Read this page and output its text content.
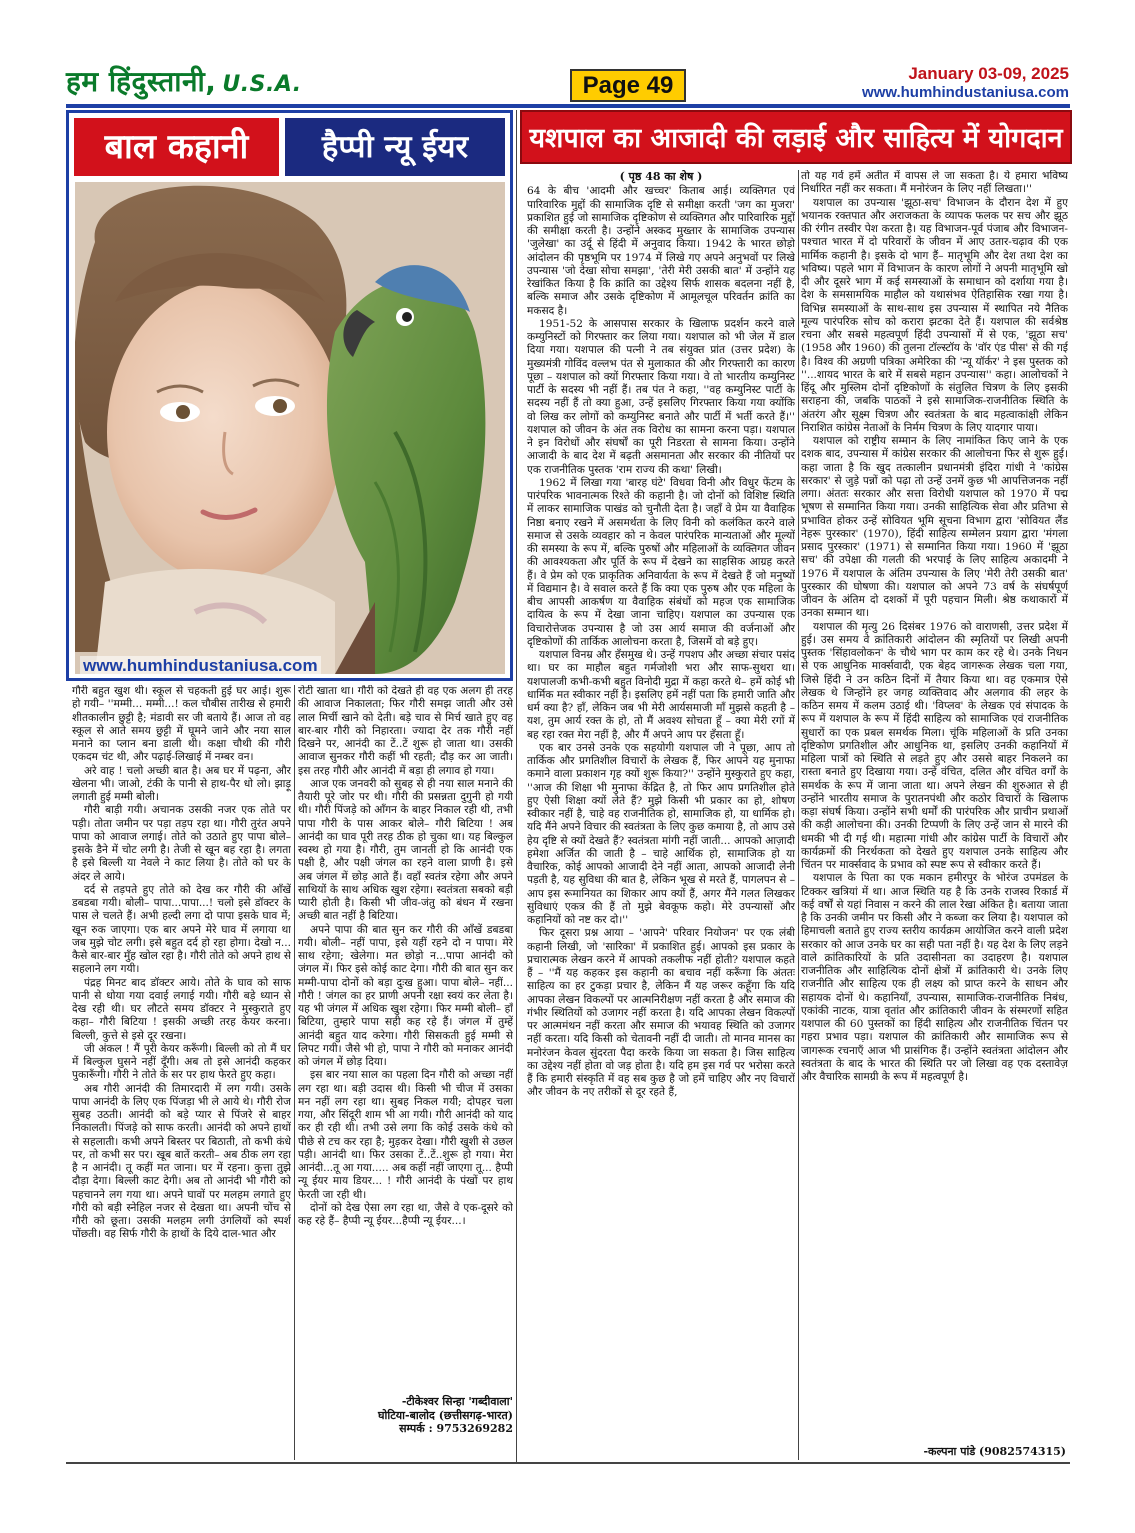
हम हिंदुस्तानी, U.S.A.	Page 49	January 03-09, 2025
www.humhindustaniusa.com
बाल कहानी	हैप्पी न्यू ईयर
www.humhindustaniusa.com

गौरी बहुत खुश थी। स्कूल से चहकती हुई घर आई। शुरू हो गयी– ''मम्मी... मम्मी...! कल चौबीस तारीख से हमारी शीतकालीन छुट्टी है; मंडावी सर जी बताये हैं। आज तो वह स्कूल से आते समय छुट्टी में घूमने जाने और नया साल मनाने का प्लान बना डाली थी। कक्षा चौथी की गौरी एकदम चंट थी, और पढ़ाई-लिखाई में नम्बर वन।

अरे वाह ! चलो अच्छी बात है। अब घर में पढ़ना, और खेलना भी। जाओ, टंकी के पानी से हाथ-पैर धो लो। झाड़ू लगाती हुई मम्मी बोली।

गौरी बाड़ी गयी। अचानक उसकी नजर एक तोते पर पड़ी। तोता जमीन पर पड़ा तड़प रहा था। गौरी तुरंत अपने पापा को आवाज लगाई। तोते को उठाते हुए पापा बोले– इसके डैने में चोट लगी है। तेजी से खून बह रहा है। लगता है इसे बिल्ली या नेवले ने काट लिया है। तोते को घर के अंदर ले आये।

दर्द से तड़पते हुए तोते को देख कर गौरी की आँखें डबडबा गयी। बोली– पापा...पापा...! चलो इसे डॉक्टर के पास ले चलते हैं। अभी हल्दी लगा दो पापा इसके घाव में; खून रुक जाएगा। एक बार अपने मेरे घाव में लगाया था जब मुझे चोट लगी। इसे बहुत दर्द हो रहा होगा। देखो न... कैसे बार-बार मुँह खोल रहा है। गौरी तोते को अपने हाथ से सहलाने लग गयी।

पंद्रह मिनट बाद डॉक्टर आये। तोते के घाव को साफ पानी से धोया गया दवाई लगाई गयी। गौरी बड़े ध्यान से देख रही थी। घर लौटते समय डॉक्टर ने मुस्कुराते हुए कहा– गौरी बिटिया ! इसकी अच्छी तरह केयर करना। बिल्ली, कुत्ते से इसे दूर रखना।

जी अंकल ! मैं पूरी केयर करूँगी। बिल्ली को तो मैं घर में बिल्कुल घुसने नहीं दूँगी। अब तो इसे आनंदी कहकर पुकारूँगी। गौरी ने तोते के सर पर हाथ फेरते हुए कहा।

अब गौरी आनंदी की तिमारदारी में लग गयी। उसके पापा आनंदी के लिए एक पिंजड़ा भी ले आये थे। गौरी रोज सुबह उठती। आनंदी को बड़े प्यार से पिंजरे से बाहर निकालती। पिंजड़े को साफ करती। आनंदी को अपने हाथों से सहलाती। कभी अपने बिस्तर पर बिठाती, तो कभी कंधे पर, तो कभी सर पर। खूब बातें करती– अब ठीक लग रहा है न आनंदी। तू कहीं मत जाना। घर में रहना। कुत्ता तुझे दौड़ा देगा। बिल्ली काट देगी। अब तो आनंदी भी गौरी को पहचानने लग गया था। अपने घावों पर मलहम लगाते हुए गौरी को बड़ी स्नेहिल नजर से देखता था। अपनी चोंच से गौरी को छूता। उसकी मलहम लगी उंगलियों को स्पर्श पोंछती। वह सिर्फ गौरी के हाथों के दिये दाल-भात और

रोटी खाता था। गौरी को देखते ही वह एक अलग ही तरह की आवाज निकालता; फिर गौरी समझ जाती और उसे लाल मिर्ची खाने को देती। बड़े चाव से मिर्च खाते हुए वह बार-बार गौरी को निहारता। ज्यादा देर तक गौरी नहीं दिखने पर, आनंदी का टें..टें शुरू हो जाता था। उसकी आवाज सुनकर गौरी कहीं भी रहती; दौड़ कर आ जाती। इस तरह गौरी और आनंदी में बड़ा ही लगाव हो गया।

आज एक जनवरी को सुबह से ही नया साल मनाने की तैयारी पूरे जोर पर थी। गौरी की प्रसन्नता दुगुनी हो गयी थी। गौरी पिंजड़े को आँगन के बाहर निकाल रही थी, तभी पापा गौरी के पास आकर बोले– गौरी बिटिया ! अब आनंदी का घाव पूरी तरह ठीक हो चुका था। यह बिल्कुल स्वस्थ हो गया है। गौरी, तुम जानती हो कि आनंदी एक पक्षी है, और पक्षी जंगल का रहने वाला प्राणी है। इसे अब जंगल में छोड़ आते हैं। वहाँ स्वतंत्र रहेगा और अपने साथियों के साथ अधिक खुश रहेगा। स्वतंत्रता सबको बड़ी प्यारी होती है। किसी भी जीव-जंतु को बंधन में रखना अच्छी बात नहीं है बिटिया।

अपने पापा की बात सुन कर गौरी की आँखें डबडबा गयी। बोली– नहीं पापा, इसे यहीं रहने दो न पापा। मेरे साथ रहेगा; खेलेगा। मत छोड़ो न...पापा आनंदी को जंगल में। फिर इसे कोई काट देगा। गौरी की बात सुन कर मम्मी-पापा दोनों को बड़ा दुःख हुआ। पापा बोले– नहीं... गौरी ! जंगल का हर प्राणी अपनी रक्षा स्वयं कर लेता है। यह भी जंगल में अधिक खुश रहेगा। फिर मम्मी बोली– हाँ बिटिया, तुम्हारे पापा सही कह रहे हैं। जंगल में तुम्हें आनंदी बहुत याद करेगा। गौरी सिसकती हुई मम्मी से लिपट गयी। जैसे भी हो, पापा ने गौरी को मनाकर आनंदी को जंगल में छोड़ दिया।

इस बार नया साल का पहला दिन गौरी को अच्छा नहीं लग रहा था। बड़ी उदास थी। किसी भी चीज में उसका मन नहीं लग रहा था। सुबह निकल गयी; दोपहर चला गया, और सिंदूरी शाम भी आ गयी। गौरी आनंदी को याद कर ही रही थी। तभी उसे लगा कि कोई उसके कंधे को पीछे से टच कर रहा है; मुड़कर देखा। गौरी खुशी से उछल पड़ी। आनंदी था। फिर उसका टें..टें..शुरू हो गया। मेरा आनंदी...तू आ गया..... अब कहीं नहीं जाएगा तू... हैप्पी न्यू ईयर माय डियर... ! गौरी आनंदी के पंखों पर हाथ फेरती जा रही थी।

दोनों को देख ऐसा लग रहा था, जैसे वे एक-दूसरे को कह रहे हैं– हैप्पी न्यू ईयर...हैप्पी न्यू ईयर...।

-टीकेश्वर सिन्हा 'गब्दीवाला'
घोटिया-बालोद (छत्तीसगढ़-भारत)
सम्पर्क : 9753269282
यशपाल का आजादी की लड़ाई और साहित्य में योगदान
( पृष्ठ 48 का शेष )

64 के बीच 'आदमी और खच्चर' किताब आई। व्यक्तिगत एवं पारिवारिक मुद्दों की सामाजिक दृष्टि से समीक्षा करती 'जग का मुजरा' प्रकाशित हुई जो सामाजिक दृष्टिकोण से व्यक्तिगत और पारिवारिक मुद्दों की समीक्षा करती है। उन्होंने अस्कद मुख्तार के सामाजिक उपन्यास 'जुलेखा' का उर्दू से हिंदी में अनुवाद किया। 1942 के भारत छोड़ो आंदोलन की पृष्ठभूमि पर 1974 में लिखे गए अपने अनुभवों पर लिखे उपन्यास 'जो देखा सोचा समझा', 'तेरी मेरी उसकी बात' में उन्होंने यह रेखांकित किया है कि क्रांति का उद्देश्य सिर्फ शासक बदलना नहीं है, बल्कि समाज और उसके दृष्टिकोण में आमूलचूल परिवर्तन क्रांति का मकसद है।

1951-52 के आसपास सरकार के खिलाफ प्रदर्शन करने वाले कम्युनिस्टों को गिरफ्तार कर लिया गया। यशपाल को भी जेल में डाल दिया गया। यशपाल की पत्नी ने तब संयुक्त प्रांत (उत्तर प्रदेश) के मुख्यमंत्री गोविंद वल्लभ पंत से मुलाकात की और गिरफ्तारी का कारण पूछा – यशपाल को क्यों गिरफ्तार किया गया। वे तो भारतीय कम्युनिस्ट पार्टी के सदस्य भी नहीं हैं। तब पंत ने कहा, ''वह कम्युनिस्ट पार्टी के सदस्य नहीं हैं तो क्या हुआ, उन्हें इसलिए गिरफ्तार किया गया क्योंकि वो लिख कर लोगों को कम्युनिस्ट बनाते और पार्टी में भर्ती करते हैं।'' यशपाल को जीवन के अंत तक विरोध का सामना करना पड़ा। यशपाल ने इन विरोधों और संघर्षों का पूरी निडरता से सामना किया। उन्होंने आजादी के बाद देश में बढ़ती असमानता और सरकार की नीतियों पर एक राजनीतिक पुस्तक 'राम राज्य की कथा' लिखी।

1962 में लिखा गया 'बारह घंटे' विधवा विनी और विधुर फेंटम के पारंपरिक भावनात्मक रिश्ते की कहानी है। जो दोनों को विशिष्ट स्थिति में लाकर सामाजिक पाखंड को चुनौती देता है। जहाँ वे प्रेम या वैवाहिक निष्ठा बनाए रखने में असमर्थता के लिए विनी को कलंकित करने वाले समाज से उसके व्यवहार को न केवल पारंपरिक मान्यताओं और मूल्यों की समस्या के रूप में, बल्कि पुरुषों और महिलाओं के व्यक्तिगत जीवन की आवश्यकता और पूर्ति के रूप में देखने का साहसिक आग्रह करते हैं। वे प्रेम को एक प्राकृतिक अनिवार्यता के रूप में देखते हैं जो मनुष्यों में विद्यमान है। वे सवाल करते हैं कि क्या एक पुरुष और एक महिला के बीच आपसी आकर्षण या वैवाहिक संबंधों को महज एक सामाजिक दायित्व के रूप में देखा जाना चाहिए। यशपाल का उपन्यास एक विचारोत्तेजक उपन्यास है जो उस आर्य समाज की वर्जनाओं और दृष्टिकोणों की तार्किक आलोचना करता है, जिसमें वो बड़े हुए।

यशपाल विनम्र और हँसमुख थे। उन्हें गपशप और अच्छा संचार पसंद था। घर का माहौल बहुत गर्मजोशी भरा और साफ-सुथरा था। यशपालजी कभी-कभी बहुत विनोदी मुद्रा में कहा करते थे– हमें कोई भी धार्मिक मत स्वीकार नहीं है। इसलिए हमें नहीं पता कि हमारी जाति और धर्म क्या है? हाँ, लेकिन जब भी मेरी आर्यसमाजी माँ मुझसे कहती है – यश, तुम आर्य रक्त के हो, तो मैं अवश्य सोचता हूँ – क्या मेरी रगों में बह रहा रक्त मेरा नहीं है, और मैं अपने आप पर हँसता हूँ।

एक बार उनसे उनके एक सहयोगी यशपाल जी ने पूछा, आप तो तार्किक और प्रगतिशील विचारों के लेखक हैं, फिर आपने यह मुनाफा कमाने वाला प्रकाशन गृह क्यों शुरू किया?'' उन्होंने मुस्कुराते हुए कहा, ''आज की शिक्षा भी मुनाफा केंद्रित है, तो फिर आप प्रगतिशील होते हुए ऐसी शिक्षा क्यों लेते हैं? मुझे किसी भी प्रकार का हो, शोषण स्वीकार नहीं है, चाहे वह राजनीतिक हो, सामाजिक हो, या धार्मिक हो। यदि मैंने अपने विचार की स्वतंत्रता के लिए कुछ कमाया है, तो आप उसे हेय दृष्टि से क्यों देखते हैं? स्वतंत्रता मांगी नहीं जाती... आपको आज़ादी हमेशा अर्जित की जाती है – चाहे आर्थिक हो, सामाजिक हो या वैचारिक, कोई आपको आजादी देने नहीं आता, आपको आजादी लेनी पड़ती है, यह सुविधा की बात है, लेकिन भूख से मरते हैं, पागलपन से – आप इस रूमानियत का शिकार आप क्यों हैं, अगर मैंने गलत लिखकर सुविधाएं एकत्र की हैं तो मुझे बेवकूफ कहो। मेरे उपन्यासों और कहानियों को नष्ट कर दो।''

फिर दूसरा प्रश्न आया – 'आपने' परिवार नियोजन' पर एक लंबी कहानी लिखी, जो 'सारिका' में प्रकाशित हुई। आपको इस प्रकार के प्रचारात्मक लेखन करने में आपको तकलीफ नहीं होती? यशपाल कहते हैं – ''मैं यह कहकर इस कहानी का बचाव नहीं करूँगा कि अंततः साहित्य का हर टुकड़ा प्रचार है, लेकिन मैं यह जरूर कहूँगा कि यदि आपका लेखन विकल्पों पर आत्मनिरीक्षण नहीं करता है और समाज की गंभीर स्थितियों को उजागर नहीं करता है। यदि आपका लेखन विकल्पों पर आत्ममंथन नहीं करता और समाज की भयावह स्थिति को उजागर नहीं करता। यदि किसी को चेतावनी नहीं दी जाती। तो मानव मानस का मनोरंजन केवल सुंदरता पैदा करके किया जा सकता है। जिस साहित्य का उद्देश्य नहीं होता वो जड़ होता है। यदि हम इस गर्व पर भरोसा करते हैं कि हमारी संस्कृति में वह सब कुछ है जो हमें चाहिए और नए विचारों और जीवन के नए तरीकों से दूर रहते हैं,

तो यह गर्व हमें अतीत में वापस ले जा सकता है। ये हमारा भविष्य निर्धारित नहीं कर सकता। मैं मनोरंजन के लिए नहीं लिखता।''

यशपाल का उपन्यास 'झूठा-सच' विभाजन के दौरान देश में हुए भयानक रक्तपात और अराजकता के व्यापक फलक पर सच और झूठ की रंगीन तस्वीर पेश करता है। यह विभाजन-पूर्व पंजाब और विभाजन-पश्चात भारत में दो परिवारों के जीवन में आए उतार-चढ़ाव की एक मार्मिक कहानी है। इसके दो भाग हैं– मातृभूमि और देश तथा देश का भविष्य। पहले भाग में विभाजन के कारण लोगों ने अपनी मातृभूमि खो दी और दूसरे भाग में कई समस्याओं के समाधान को दर्शाया गया है। देश के समसामयिक माहौल को यथासंभव ऐतिहासिक रखा गया है। विभिन्न समस्याओं के साथ-साथ इस उपन्यास में स्थापित नये नैतिक मूल्य पारंपरिक सोच को करारा झटका देते हैं। यशपाल की सर्वश्रेष्ठ रचना और सबसे महत्वपूर्ण हिंदी उपन्यासों में से एक, 'झूठा सच' (1958 और 1960) की तुलना टॉल्स्टॉय के 'वॉर एंड पीस' से की गई है। विश्व की अग्रणी पत्रिका अमेरिका की 'न्यू यॉर्कर' ने इस पुस्तक को ''...शायद भारत के बारे में सबसे महान उपन्यास'' कहा। आलोचकों ने हिंदू और मुस्लिम दोनों दृष्टिकोणों के संतुलित चित्रण के लिए इसकी सराहना की, जबकि पाठकों ने इसे सामाजिक-राजनीतिक स्थिति के अंतरंग और सूक्ष्म चित्रण और स्वतंत्रता के बाद महत्वाकांक्षी लेकिन निराशित कांग्रेस नेताओं के निर्मम चित्रण के लिए यादगार पाया।

यशपाल को राष्ट्रीय सम्मान के लिए नामांकित किए जाने के एक दशक बाद, उपन्यास में कांग्रेस सरकार की आलोचना फिर से शुरू हुई। कहा जाता है कि खुद तत्कालीन प्रधानमंत्री इंदिरा गांधी ने 'कांग्रेस सरकार' से जुड़े पन्नों को पढ़ा तो उन्हें उनमें कुछ भी आपत्तिजनक नहीं लगा। अंततः सरकार और सत्ता विरोधी यशपाल को 1970 में पद्म भूषण से सम्मानित किया गया। उनकी साहित्यिक सेवा और प्रतिभा से प्रभावित होकर उन्हें सोवियत भूमि सूचना विभाग द्वारा 'सोवियत लैंड नेहरू पुरस्कार' (1970), हिंदी साहित्य सम्मेलन प्रयाग द्वारा 'मंगला प्रसाद पुरस्कार' (1971) से सम्मानित किया गया। 1960 में 'झूठा सच' की उपेक्षा की गलती की भरपाई के लिए साहित्य अकादमी ने 1976 में यशपाल के अंतिम उपन्यास के लिए 'मेरी तेरी उसकी बात' पुरस्कार की घोषणा की। यशपाल को अपने 73 वर्ष के संघर्षपूर्ण जीवन के अंतिम दो दशकों में पूरी पहचान मिली। श्रेष्ठ कथाकारों में उनका सम्मान था।

यशपाल की मृत्यु 26 दिसंबर 1976 को वाराणसी, उत्तर प्रदेश में हुई। उस समय वे क्रांतिकारी आंदोलन की स्मृतियों पर लिखी अपनी पुस्तक 'सिंहावलोकन' के चौथे भाग पर काम कर रहे थे। उनके निधन से एक आधुनिक मार्क्सवादी, एक बेहद जागरूक लेखक चला गया, जिसे हिंदी ने उन कठिन दिनों में तैयार किया था। वह एकमात्र ऐसे लेखक थे जिन्होंने हर जगह व्यक्तिवाद और अलगाव की लहर के कठिन समय में कलम उठाई थी। 'विप्लव' के लेखक एवं संपादक के रूप में यशपाल के रूप में हिंदी साहित्य को सामाजिक एवं राजनीतिक सुधारों का एक प्रबल समर्थक मिला। चूंकि महिलाओं के प्रति उनका दृष्टिकोण प्रगतिशील और आधुनिक था, इसलिए उनकी कहानियों में महिला पात्रों को स्थिति से लड़ते हुए और उससे बाहर निकलने का रास्ता बनाते हुए दिखाया गया। उन्हें वंचित, दलित और वंचित वर्गों के समर्थक के रूप में जाना जाता था। अपने लेखन की शुरुआत से ही उन्होंने भारतीय समाज के पुरातनपंथी और कठोर विचारों के खिलाफ कड़ा संघर्ष किया। उन्होंने सभी धर्मों की पारंपरिक और प्राचीन प्रथाओं की कड़ी आलोचना की। उनकी टिप्पणी के लिए उन्हें जान से मारने की धमकी भी दी गई थी। महात्मा गांधी और कांग्रेस पार्टी के विचारों और कार्यक्रमों की निरर्थकता को देखते हुए यशपाल उनके साहित्य और चिंतन पर मार्क्सवाद के प्रभाव को स्पष्ट रूप से स्वीकार करते हैं।

यशपाल के पिता का एक मकान हमीरपुर के भोरंज उपमंडल के टिक्कर खत्रियां में था। आज स्थिति यह है कि उनके राजस्व रिकार्ड में कई वर्षों से यहां निवास न करने की लाल रेखा अंकित है। बताया जाता है कि उनकी जमीन पर किसी और ने कब्जा कर लिया है। यशपाल को हिमाचली बताते हुए राज्य स्तरीय कार्यक्रम आयोजित करने वाली प्रदेश सरकार को आज उनके घर का सही पता नहीं है। यह देश के लिए लड़ने वाले क्रांतिकारियों के प्रति उदासीनता का उदाहरण है। यशपाल राजनीतिक और साहित्यिक दोनों क्षेत्रों में क्रांतिकारी थे। उनके लिए राजनीति और साहित्य एक ही लक्ष्य को प्राप्त करने के साधन और सहायक दोनों थे। कहानियाँ, उपन्यास, सामाजिक-राजनीतिक निबंध, एकांकी नाटक, यात्रा वृतांत और क्रांतिकारी जीवन के संस्मरणों सहित यशपाल की 60 पुस्तकों का हिंदी साहित्य और राजनीतिक चिंतन पर गहरा प्रभाव पड़ा। यशपाल की क्रांतिकारी और सामाजिक रूप से जागरूक रचनाएँ आज भी प्रासंगिक हैं। उन्होंने स्वतंत्रता आंदोलन और स्वतंत्रता के बाद के भारत की स्थिति पर जो लिखा वह एक दस्तावेज़ और वैचारिक सामग्री के रूप में महत्वपूर्ण है।

-कल्पना पांडे (9082574315)
